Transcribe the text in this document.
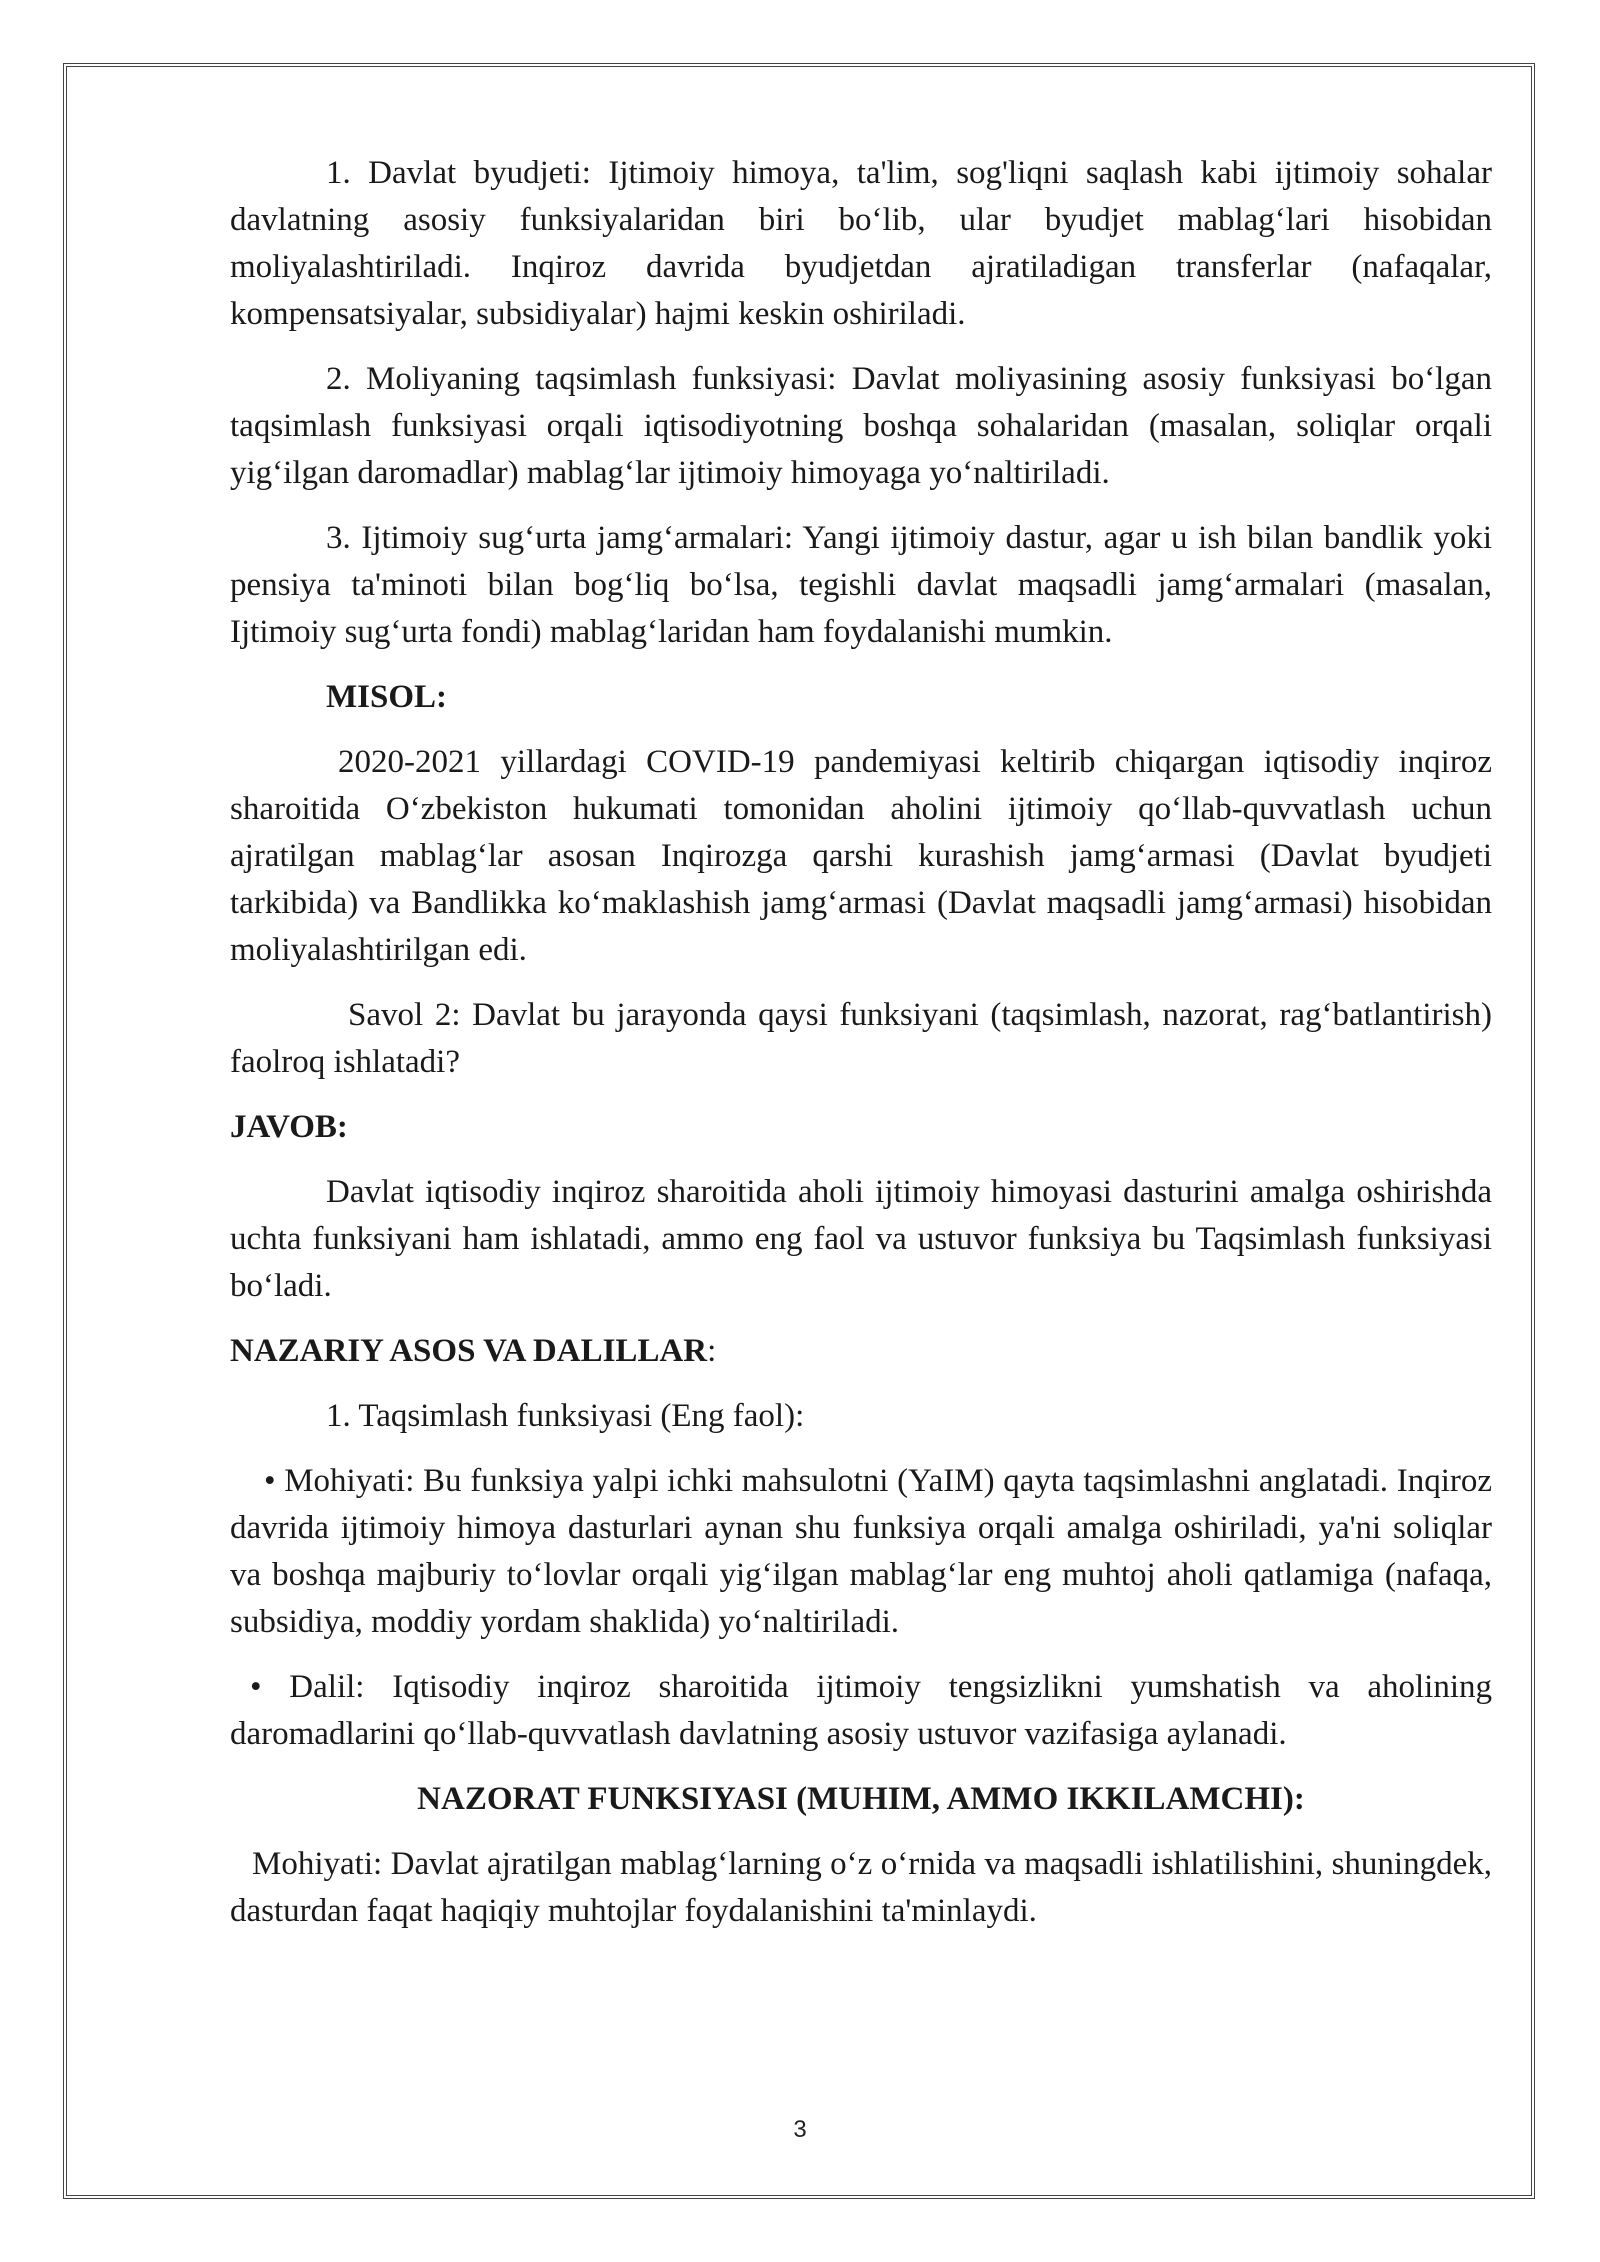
1. Davlat byudjeti: Ijtimoiy himoya, ta'lim, sog'liqni saqlash kabi ijtimoiy sohalar davlatning asosiy funksiyalaridan biri bo‘lib, ular byudjet mablag‘lari hisobidan moliyalashtiriladi. Inqiroz davrida byudjetdan ajratiladigan transferlar (nafaqalar, kompensatsiyalar, subsidiyalar) hajmi keskin oshiriladi.

2. Moliyaning taqsimlash funksiyasi: Davlat moliyasining asosiy funksiyasi bo‘lgan taqsimlash funksiyasi orqali iqtisodiyotning boshqa sohalaridan (masalan, soliqlar orqali yig‘ilgan daromadlar) mablag‘lar ijtimoiy himoyaga yo‘naltiriladi.

3. Ijtimoiy sug‘urta jamg‘armalari: Yangi ijtimoiy dastur, agar u ish bilan bandlik yoki pensiya ta'minoti bilan bog‘liq bo‘lsa, tegishli davlat maqsadli jamg‘armalari (masalan, Ijtimoiy sug‘urta fondi) mablag‘laridan ham foydalanishi mumkin.

MISOL:

2020-2021 yillardagi COVID-19 pandemiyasi keltirib chiqargan iqtisodiy inqiroz sharoitida O‘zbekiston hukumati tomonidan aholini ijtimoiy qo‘llab-quvvatlash uchun ajratilgan mablag‘lar asosan Inqirozga qarshi kurashish jamg‘armasi (Davlat byudjeti tarkibida) va Bandlikka ko‘maklashish jamg‘armasi (Davlat maqsadli jamg‘armasi) hisobidan moliyalashtirilgan edi.

Savol 2: Davlat bu jarayonda qaysi funksiyani (taqsimlash, nazorat, rag‘batlantirish) faolroq ishlatadi?

JAVOB:

Davlat iqtisodiy inqiroz sharoitida aholi ijtimoiy himoyasi dasturini amalga oshirishda uchta funksiyani ham ishlatadi, ammo eng faol va ustuvor funksiya bu Taqsimlash funksiyasi bo‘ladi.

NAZARIY ASOS VA DALILLAR:

1. Taqsimlash funksiyasi (Eng faol):

• Mohiyati: Bu funksiya yalpi ichki mahsulotni (YaIM) qayta taqsimlashni anglatadi. Inqiroz davrida ijtimoiy himoya dasturlari aynan shu funksiya orqali amalga oshiriladi, ya'ni soliqlar va boshqa majburiy to‘lovlar orqali yig‘ilgan mablag‘lar eng muhtoj aholi qatlamiga (nafaqa, subsidiya, moddiy yordam shaklida) yo‘naltiriladi.

• Dalil: Iqtisodiy inqiroz sharoitida ijtimoiy tengsizlikni yumshatish va aholining daromadlarini qo‘llab-quvvatlash davlatning asosiy ustuvor vazifasiga aylanadi.

NAZORAT FUNKSIYASI (MUHIM, AMMO IKKILAMCHI):

Mohiyati: Davlat ajratilgan mablag‘larning o‘z o‘rnida va maqsadli ishlatilishini, shuningdek, dasturdan faqat haqiqiy muhtojlar foydalanishini ta'minlaydi.

3
